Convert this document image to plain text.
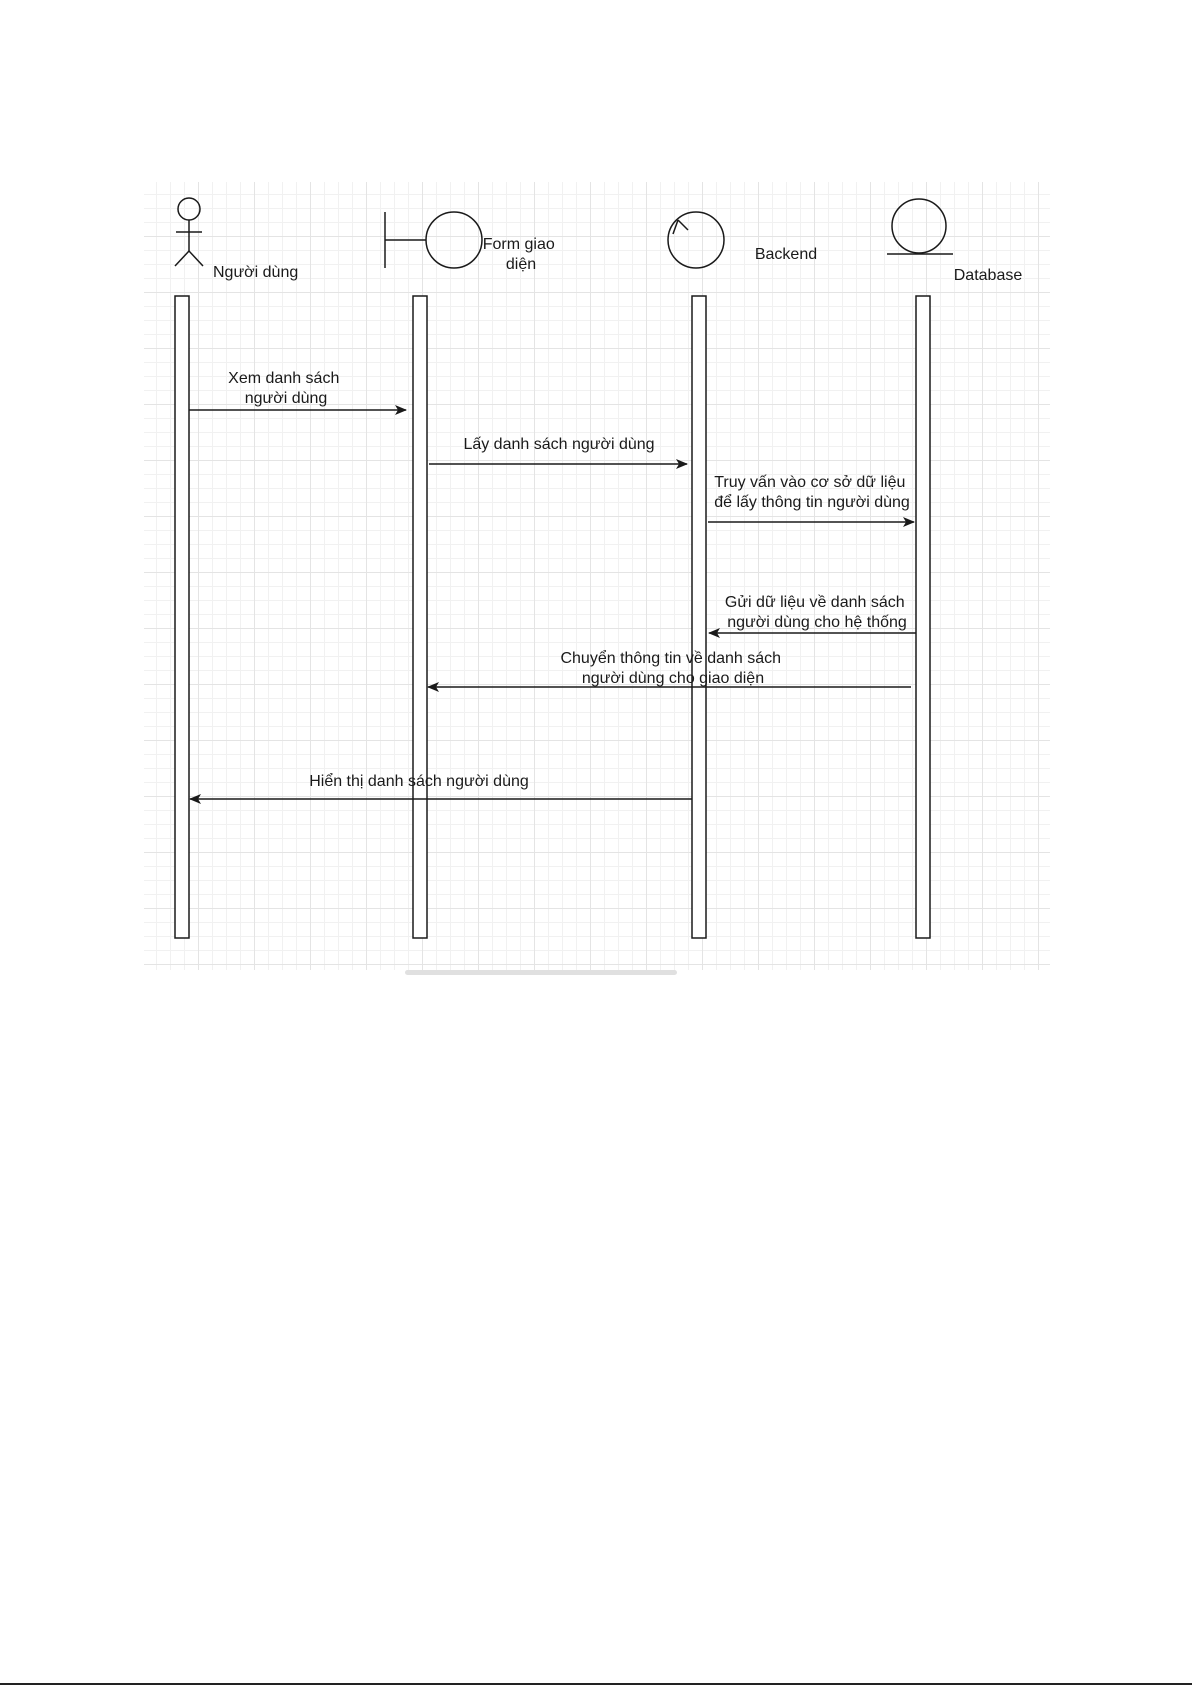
Người dùng
Form giao diện
Backend
Database
Xem danh sách người dùng
Lấy danh sách người dùng
Truy vấn vào cơ sở dữ liệu để lấy thông tin người dùng
Gửi dữ liệu về danh sách người dùng cho hệ thống
Chuyển thông tin về danh sách người dùng cho giao diện
Hiển thị danh sách người dùng
